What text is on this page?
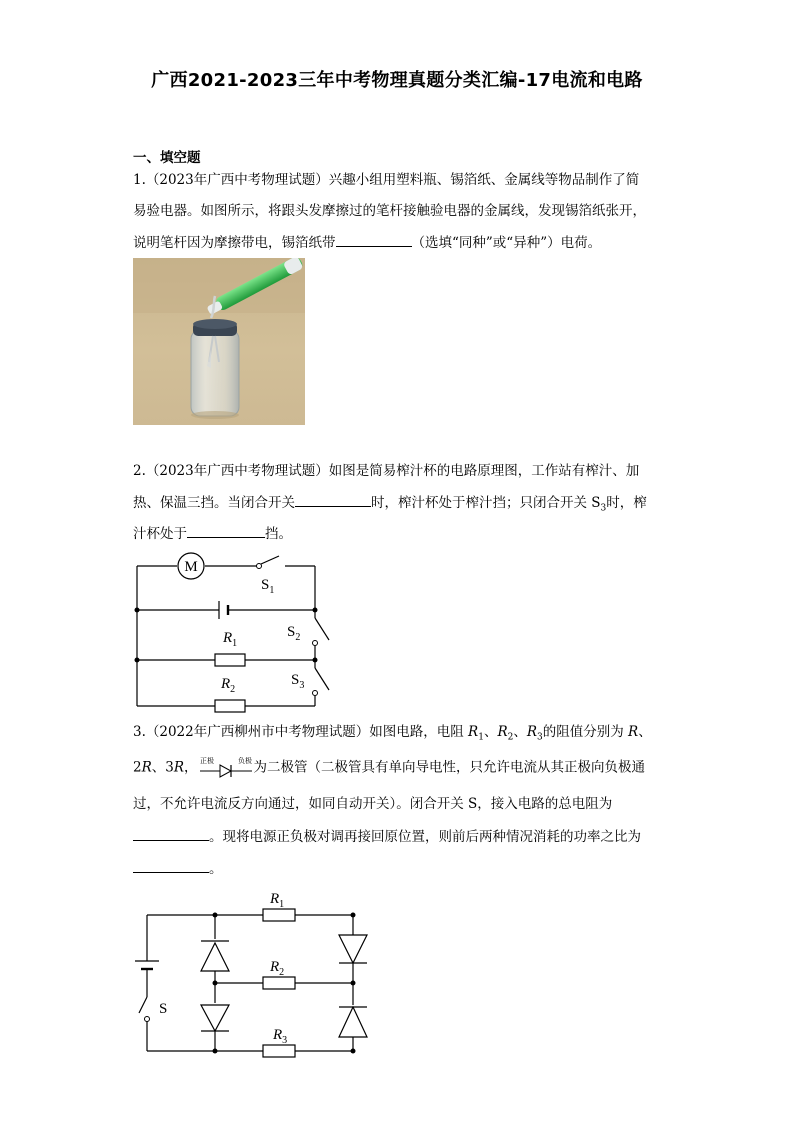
广西2021-2023三年中考物理真题分类汇编-17电流和电路
一、填空题
1.（2023年广西中考物理试题）兴趣小组用塑料瓶、锡箔纸、金属线等物品制作了简
易验电器。如图所示，将跟头发摩擦过的笔杆接触验电器的金属线，发现锡箔纸张开，
说明笔杆因为摩擦带电，锡箔纸带	（选填“同种”或“异种”）电荷。
2.（2023年广西中考物理试题）如图是简易榨汁杯的电路原理图，工作站有榨汁、加
热、保温三挡。当闭合开关	时，榨汁杯处于榨汁挡；只闭合开关 $S_3$时，榨
汁杯处于	挡。
M
$S_1$
$S_2$
$S_3$
$R_1$
$R_2$
3.（2022年广西柳州市中考物理试题）如图电路，电阻 $R_1$、$R_2$、$R_3$的阻值分别为 R、
2R、3R， 正极	负极 为二极管（二极管具有单向导电性，只允许电流从其正极向负极通
过，不允许电流反方向通过，如同自动开关）。闭合开关 S，接入电路的总电阻为
。现将电源正负极对调再接回原位置，则前后两种情况消耗的功率之比为
。
S
$R_1$
$R_2$
$R_3$
